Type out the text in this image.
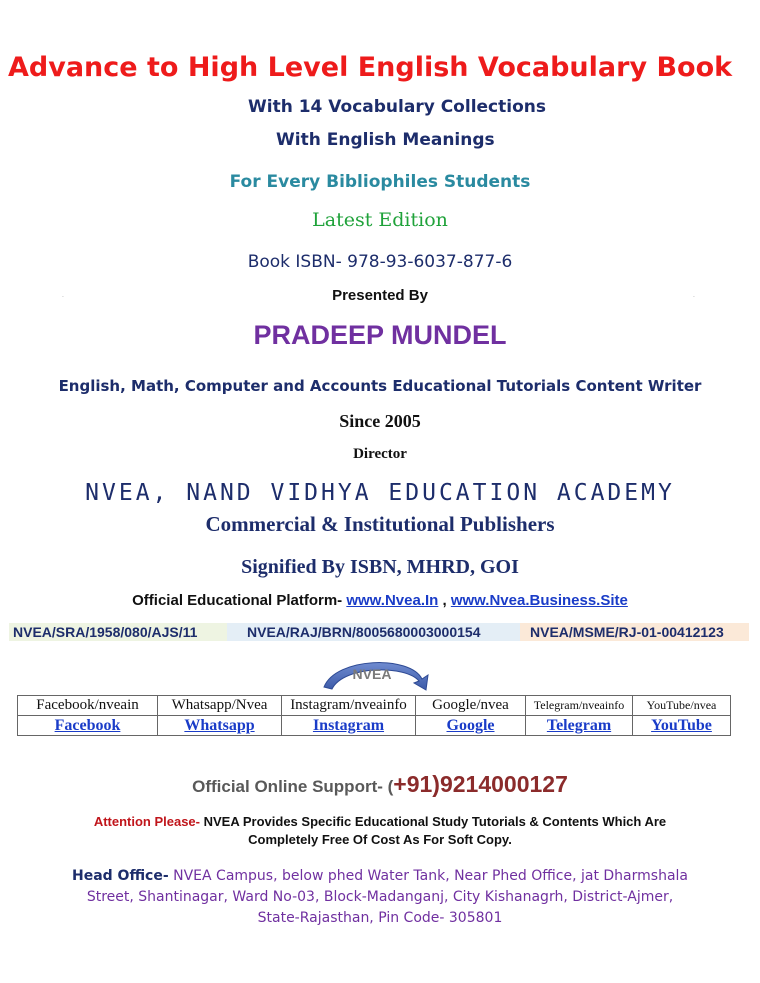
Advance to High Level English Vocabulary Book
With 14 Vocabulary Collections
With English Meanings
For Every Bibliophiles Students
Latest Edition
Book ISBN- 978-93-6037-877-6
·	·
Presented By
PRADEEP MUNDEL
English, Math, Computer and Accounts Educational Tutorials Content Writer
Since 2005
Director
NVEA, NAND VIDHYA EDUCATION ACADEMY
Commercial & Institutional Publishers
Signified By ISBN, MHRD, GOI
Official Educational Platform- www.Nvea.In , www.Nvea.Business.Site
NVEA/SRA/1958/080/AJS/11	NVEA/RAJ/BRN/8005680003000154	NVEA/MSME/RJ-01-00412123
NVEA
Facebook/nveain	Whatsapp/Nvea	Instagram/nveainfo	Google/nvea	Telegram/nveainfo	YouTube/nvea
Facebook	Whatsapp	Instagram	Google	Telegram	YouTube
Official Online Support- (+91)9214000127
Attention Please- NVEA Provides Specific Educational Study Tutorials & Contents Which Are
Completely Free Of Cost As For Soft Copy.
Head Office- NVEA Campus, below phed Water Tank, Near Phed Office, jat Dharmshala
Street, Shantinagar, Ward No-03, Block-Madanganj, City Kishanagrh, District-Ajmer,
State-Rajasthan, Pin Code- 305801
